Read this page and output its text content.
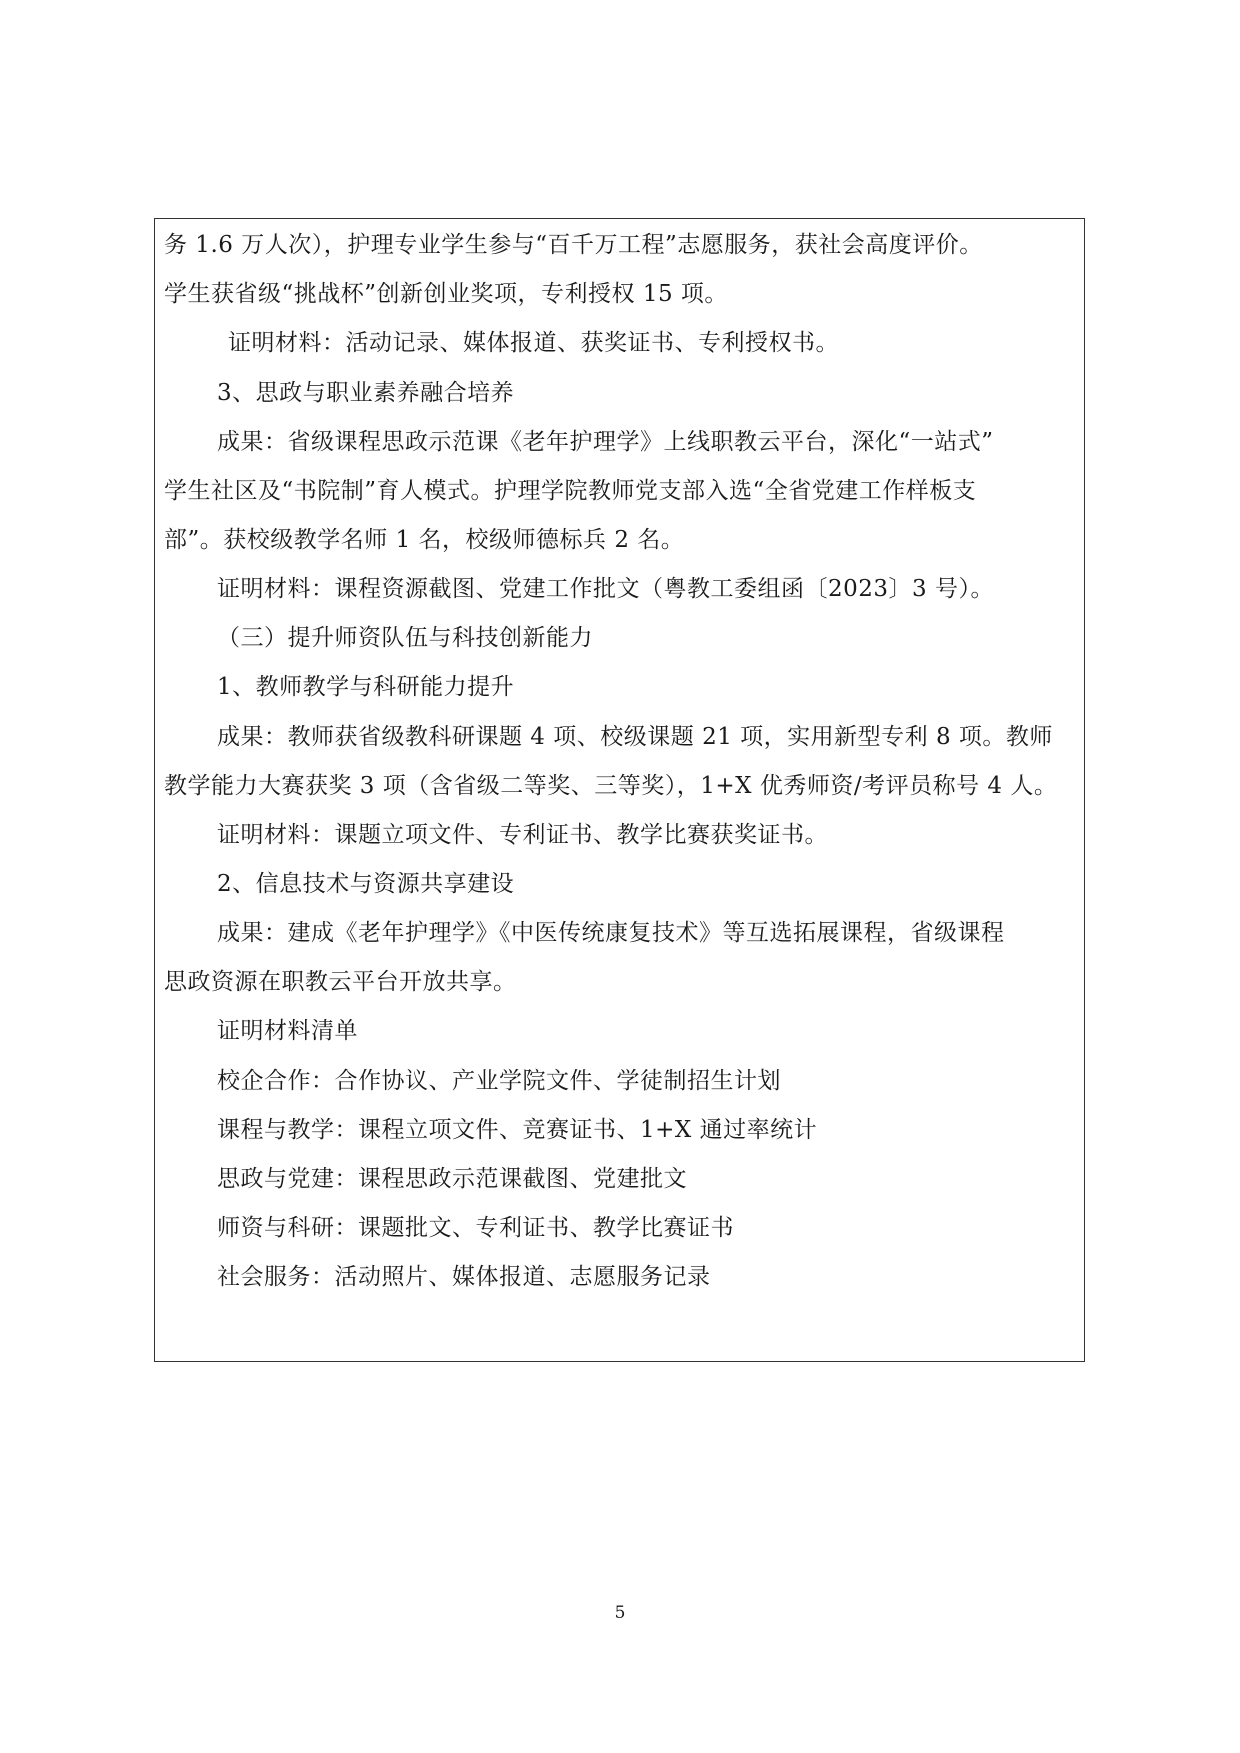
务 1.6 万人次），护理专业学生参与“百千万工程”志愿服务，获社会高度评价。
学生获省级“挑战杯”创新创业奖项，专利授权 15 项。
证明材料：活动记录、媒体报道、获奖证书、专利授权书。
3、思政与职业素养融合培养
成果：省级课程思政示范课《老年护理学》上线职教云平台，深化“一站式”
学生社区及“书院制”育人模式。护理学院教师党支部入选“全省党建工作样板支
部”。获校级教学名师 1 名，校级师德标兵 2 名。
证明材料：课程资源截图、党建工作批文（粤教工委组函〔2023〕3 号）。
（三）提升师资队伍与科技创新能力
1、教师教学与科研能力提升
成果：教师获省级教科研课题 4 项、校级课题 21 项，实用新型专利 8 项。教师
教学能力大赛获奖 3 项（含省级二等奖、三等奖），1+X 优秀师资/考评员称号 4 人。
证明材料：课题立项文件、专利证书、教学比赛获奖证书。
2、信息技术与资源共享建设
成果：建成《老年护理学》《中医传统康复技术》等互选拓展课程，省级课程
思政资源在职教云平台开放共享。
证明材料清单
校企合作：合作协议、产业学院文件、学徒制招生计划
课程与教学：课程立项文件、竞赛证书、1+X 通过率统计
思政与党建：课程思政示范课截图、党建批文
师资与科研：课题批文、专利证书、教学比赛证书
社会服务：活动照片、媒体报道、志愿服务记录
5
